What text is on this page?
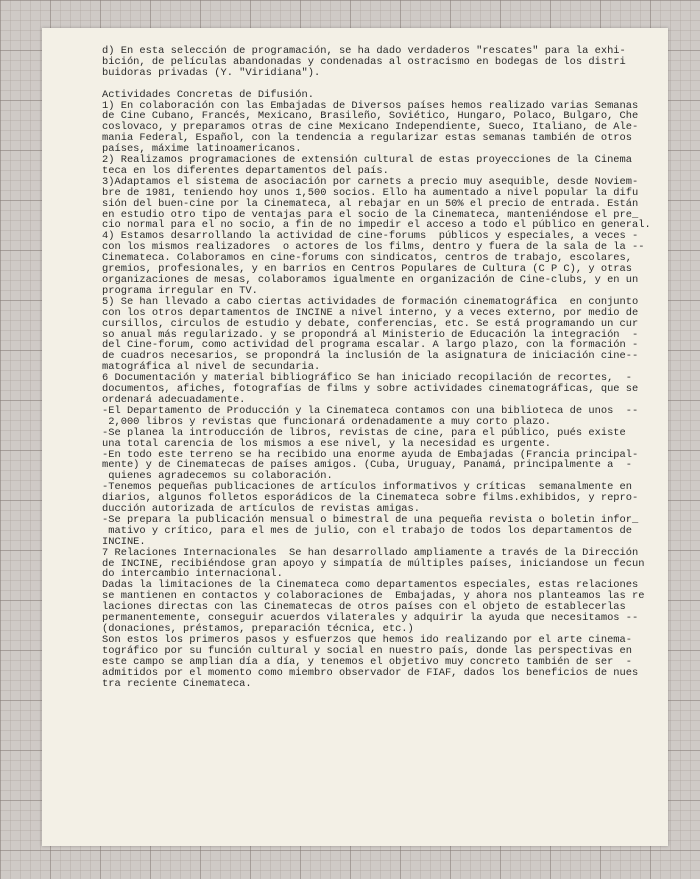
d) En esta selección de programación, se ha dado verdaderos "rescates" para la exhi-

bición, de películas abandonadas y condenadas al ostracismo en bodegas de los distri

buidoras privadas (Y. "Viridiana").

Actividades Concretas de Difusión.

1) En colaboración con las Embajadas de Diversos países hemos realizado varias Semanas

de Cine Cubano, Francés, Mexicano, Brasileño, Soviético, Hungaro, Polaco, Bulgaro, Che

coslovaco, y preparamos otras de cine Mexicano Independiente, Sueco, Italiano, de Ale-

mania Federal, Español, con la tendencia a regularizar estas semanas también de otros

países, máxime latinoamericanos.

2) Realizamos programaciones de extensión cultural de estas proyecciones de la Cinema

teca en los diferentes departamentos del país.

3)Adaptamos el sistema de asociación por carnets a precio muy asequible, desde Noviem-

bre de 1981, teniendo hoy unos 1,500 socios. Ello ha aumentado a nivel popular la difu

sión del buen-cine por la Cinemateca, al rebajar en un 50% el precio de entrada. Están

en estudio otro tipo de ventajas para el socio de la Cinemateca, manteniéndose el pre_

cio normal para el no socio, a fin de no impedir el acceso a todo el público en general.

4) Estamos desarrollando la actividad de cine-forums  públicos y especiales, a veces -

con los mismos realizadores  o actores de los films, dentro y fuera de la sala de la --

Cinemateca. Colaboramos en cine-forums con sindicatos, centros de trabajo, escolares,

gremios, profesionales, y en barrios en Centros Populares de Cultura (C P C), y otras

organizaciones de mesas, colaboramos igualmente en organización de Cine-clubs, y en un

programa irregular en TV.

5) Se han llevado a cabo ciertas actividades de formación cinematográfica  en conjunto

con los otros departamentos de INCINE a nivel interno, y a veces externo, por medio de

cursillos, circulos de estudio y debate, conferencias, etc. Se está programando un cur

so anual más regularizado. y se propondrá al Ministerio de Educación la integración  -

del Cine-forum, como actividad del programa escalar. A largo plazo, con la formación -

de cuadros necesarios, se propondrá la inclusión de la asignatura de iniciación cine--

matográfica al nivel de secundaria.

6 Documentación y material bibliográfico Se han iniciado recopilación de recortes,  -

documentos, afiches, fotografías de films y sobre actividades cinematográficas, que se

ordenará adecuadamente.

-El Departamento de Producción y la Cinemateca contamos con una biblioteca de unos  --

2,000 libros y revistas que funcionará ordenadamente a muy corto plazo.

-Se planea la introducción de libros, revistas de cine, para el público, pués existe

una total carencia de los mismos a ese nivel, y la necesidad es urgente.

-En todo este terreno se ha recibido una enorme ayuda de Embajadas (Francia principal-

mente) y de Cinematecas de países amigos. (Cuba, Uruguay, Panamá, principalmente a  -

quienes agradecemos su colaboración.

-Tenemos pequeñas publicaciones de artículos informativos y críticas  semanalmente en

diarios, algunos folletos esporádicos de la Cinemateca sobre films.exhibidos, y repro-

ducción autorizada de artículos de revistas amigas.

-Se prepara la publicación mensual o bimestral de una pequeña revista o boletin infor_

mativo y crítico, para el mes de julio, con el trabajo de todos los departamentos de

INCINE.

7 Relaciones Internacionales  Se han desarrollado ampliamente a través de la Dirección

de INCINE, recibiéndose gran apoyo y simpatía de múltiples países, iniciandose un fecun

do intercambio internacional.

Dadas la limitaciones de la Cinemateca como departamentos especiales, estas relaciones

se mantienen en contactos y colaboraciones de  Embajadas, y ahora nos planteamos las re

laciones directas con las Cinematecas de otros países con el objeto de establecerlas

permanentemente, conseguir acuerdos vilaterales y adquirir la ayuda que necesitamos --

(donaciones, préstamos, preparación técnica, etc.)

Son estos los primeros pasos y esfuerzos que hemos ido realizando por el arte cinema-

tográfico por su función cultural y social en nuestro país, donde las perspectivas en

este campo se amplian día a día, y tenemos el objetivo muy concreto también de ser  -

admitidos por el momento como miembro observador de FIAF, dados los beneficios de nues

tra reciente Cinemateca.
